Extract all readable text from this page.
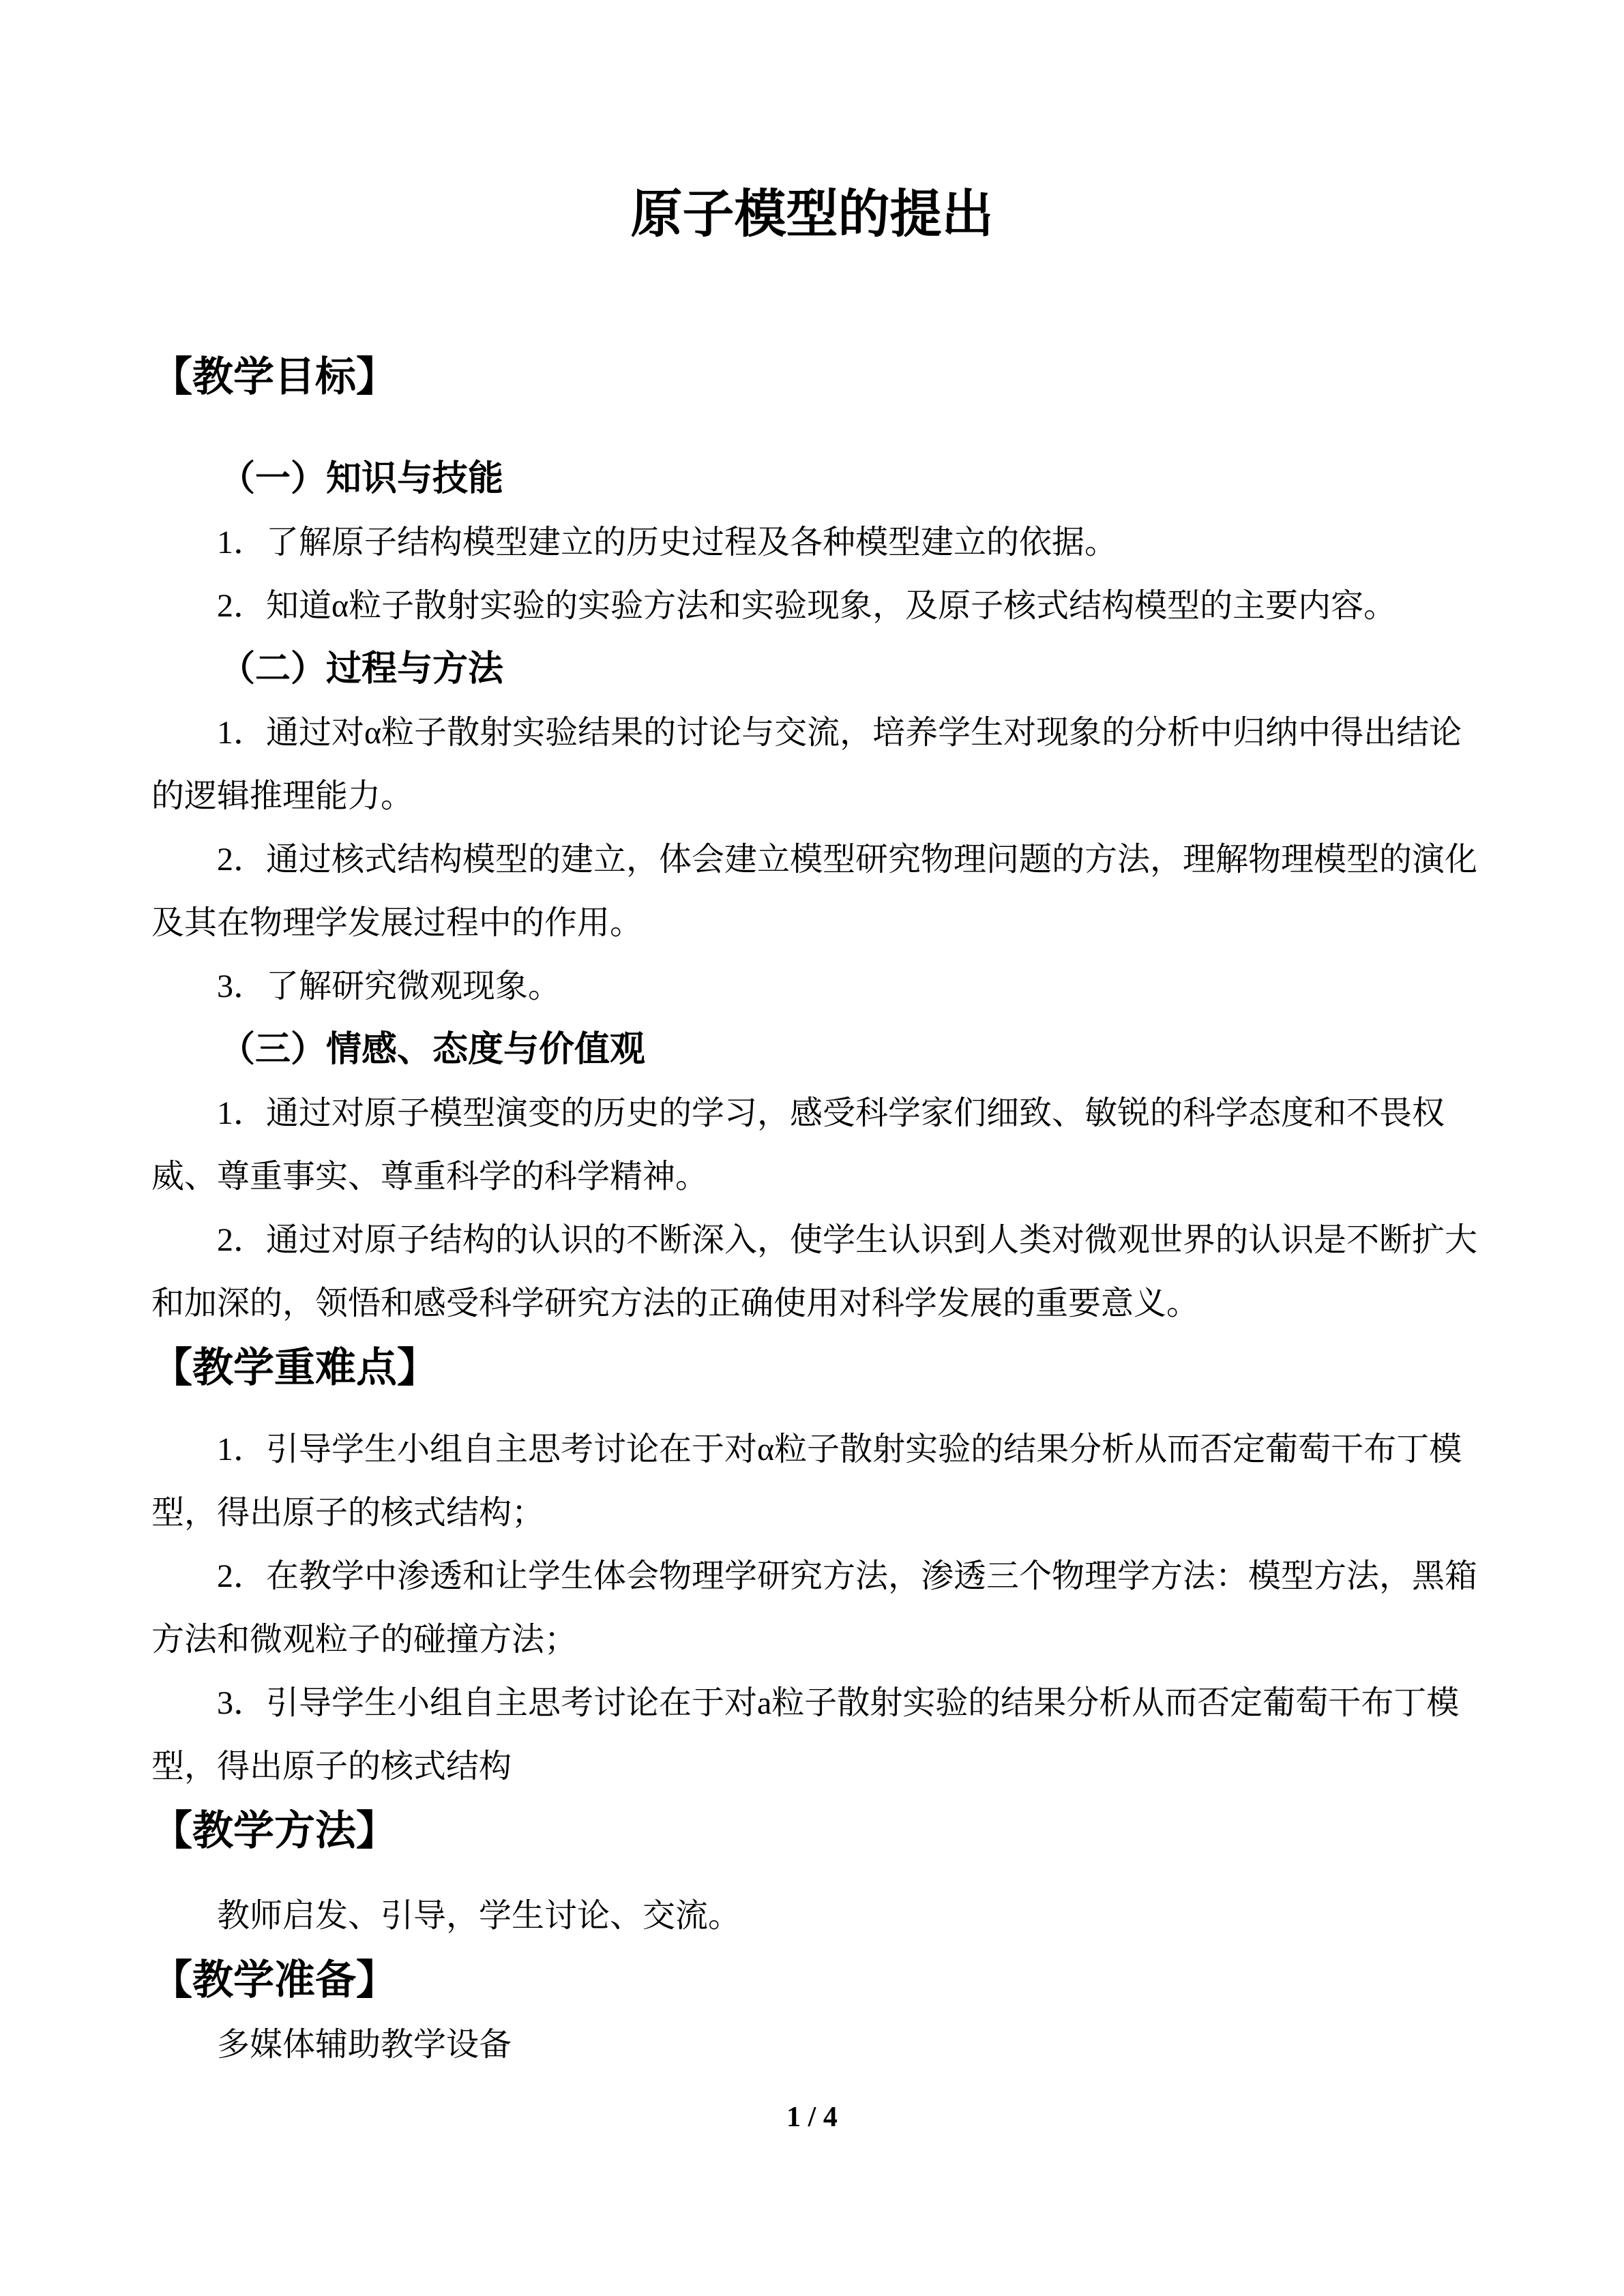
原子模型的提出
【教学目标】
（一）知识与技能
1．了解原子结构模型建立的历史过程及各种模型建立的依据。
2．知道α粒子散射实验的实验方法和实验现象，及原子核式结构模型的主要内容。
（二）过程与方法
1．通过对α粒子散射实验结果的讨论与交流，培养学生对现象的分析中归纳中得出结论
的逻辑推理能力。
2．通过核式结构模型的建立，体会建立模型研究物理问题的方法，理解物理模型的演化
及其在物理学发展过程中的作用。
3．了解研究微观现象。
（三）情感、态度与价值观
1．通过对原子模型演变的历史的学习，感受科学家们细致、敏锐的科学态度和不畏权
威、尊重事实、尊重科学的科学精神。
2．通过对原子结构的认识的不断深入，使学生认识到人类对微观世界的认识是不断扩大
和加深的，领悟和感受科学研究方法的正确使用对科学发展的重要意义。
【教学重难点】
1．引导学生小组自主思考讨论在于对α粒子散射实验的结果分析从而否定葡萄干布丁模
型，得出原子的核式结构；
2．在教学中渗透和让学生体会物理学研究方法，渗透三个物理学方法：模型方法，黑箱
方法和微观粒子的碰撞方法；
3．引导学生小组自主思考讨论在于对a粒子散射实验的结果分析从而否定葡萄干布丁模
型，得出原子的核式结构
【教学方法】
教师启发、引导，学生讨论、交流。
【教学准备】
多媒体辅助教学设备
1 / 4
